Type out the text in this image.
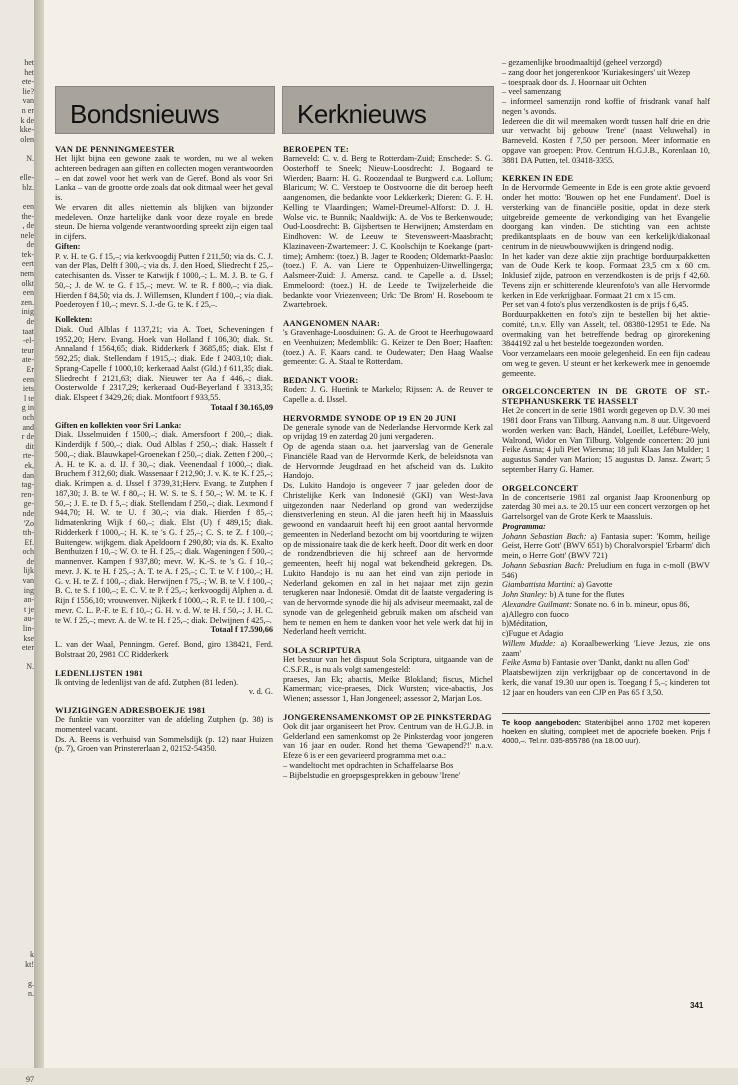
het
het
ete-
lie?
van
n er
k de
kke-
olen

N.

elle-
blz.

een
the-
, de
nele
de
tek-
eert
nem
olkt
een
zen.
inig
de
taat
-el-
teur
ate-
Er
een
iets
l te
g in
och
and
r de
dit
rte-
ek,
dan
tag-
ren-
ge-
nde
'Zo
tth-
Ef.
och
de
lijk
van
ing
an-
t je
au-
lin-
kse
eter

N.

k
kt!

g.
n.

97
Bondsnieuws	Kerknieuws
VAN DE PENNINGMEESTER

Het lijkt bijna een gewone zaak te worden, nu we al weken achtereen bedragen aan giften en collecten mogen verantwoorden – en dat zowel voor het werk van de Geref. Bond als voor Sri Lanka – van de grootte orde zoals dat ook ditmaal weer het geval is.

We ervaren dit alles niettemin als blijken van bijzonder medeleven. Onze hartelijke dank voor deze royale en brede steun. De hierna volgende verantwoording spreekt zijn eigen taal in cijfers.

Giften:

P. v. H. te G. f 15,–; via kerkvoogdij Putten f 211,50; via ds. C. J. van der Plas, Delft f 300,–; via ds. J. den Hoed, Sliedrecht f 25,–catechisanten ds. Visser te Katwijk f 1000,–; L. M. J. B. te G. f 50,–; J. de W. te G. f 15,–; mevr. W. te R. f 800,–; via diak. Hierden f 84,50; via ds. J. Willemsen, Klundert f 100,–; via diak. Poederoyen f 10,–; mevr. S. J.-de G. te K. f 25,–.

Kollekten:

Diak. Oud Alblas f 1137,21; via A. Toet, Scheveningen f 1952,20; Herv. Evang. Hoek van Holland f 106,30; diak. St. Annaland f 1564,65; diak. Ridderkerk f 3685,85; diak. Elst f 592,25; diak. Stellendam f 1915,–; diak. Ede f 2403,10; diak. Sprang-Capelle f 1000,10; kerkeraad Aalst (Gld.) f 611,35; diak. Sliedrecht f 2121,63; diak. Nieuwer ter Aa f 446,–; diak. Oosterwolde f 2317,29; kerkeraad Oud-Beyerland f 3313,35; diak. Elspeet f 3429,26; diak. Montfoort f 933,55.

Totaal f 30.165,09

Giften en kollekten voor Sri Lanka:

Diak. IJsselmuiden f 1500,–; diak. Amersfoort f 200,–; diak. Kinderdijk f 500,–; diak. Oud Alblas f 250,–; diak. Hasselt f 500,–; diak. Blauwkapel-Groenekan f 250,–; diak. Zetten f 200,–; A. H. te K. a. d. IJ. f 30,–; diak. Veenendaal f 1000,–; diak. Bruchem f 312,60; diak. Wassenaar f 212,90; J. v. K. te K. f 25,–; diak. Krimpen a. d. IJssel f 3739,31;Herv. Evang. te Zutphen f 187,30; J. B. te W. f 80,–; H. W. S. te S. f 50,–; W. M. te K. f 50,–; J. E. te D. f 5,–; diak. Stellendam f 250,–; diak. Lexmond f 944,70; H. W. te U. f 30,–; via diak. Hierden f 85,–; lidmatenkring Wijk f 60,–; diak. Elst (U) f 489,15; diak. Ridderkerk f 1000,–; H. K. te 's G. f 25,–; C. S. te Z. f 100,–; Buitengew. wijkgem. diak Apeldoorn f 290,80; via ds. K. Exalto Benthuizen f 10,–; W. O. te H. f 25,–; diak. Wageningen f 500,–; mannenver. Kampen f 937,80; mevr. W. K.-S. te 's G. f 10,–; mevr. J. K. te H. f 25,–; A. T. te A. f 25,–; C. T. te V. f 100,–; H. G. v. H. te Z. f 100,–; diak. Herwijnen f 75,–; W. B. te V. f 100,–; B. C. te S. f 100,–; E. C. V. te P. f 25,–; kerkvoogdij Alphen a. d. Rijn f 1556,10; vrouwenver. Nijkerk f 1000,–; R. F. te IJ. f 100,–; mevr. C. L. P.-F. te E. f 10,–; G. H. v. d. W. te H. f 50,–; J. H. C. te W. f 25,–; mevr. A. de W. te H. f 25,–; diak. Delwijnen f 425,–.

Totaal f 17.590,66

L. van der Waal, Penningm. Geref. Bond, giro 138421, Ferd. Bolstraat 20, 2981 CC Ridderkerk

LEDENLIJSTEN 1981

Ik ontving de ledenlijst van de afd. Zutphen (81 leden).

v. d. G.

WIJZIGINGEN ADRESBOEKJE 1981

De funktie van voorzitter van de afdeling Zutphen (p. 38) is momenteel vacant.

Ds. A. Beens is verhuisd van Sommelsdijk (p. 12) naar Huizen (p. 7), Groen van Prinstererlaan 2, 02152-54350.

BEROEPEN TE:

Barneveld: C. v. d. Berg te Rotterdam-Zuid; Enschede: S. G. Oosterhoff te Sneek; Nieuw-Loosdrecht: J. Bogaard te Wierden; Baarn: H. G. Roozendaal te Burgwerd c.a. Lollum; Blaricum; W. C. Verstoep te Oostvoorne die dit beroep heeft aangenomen, die bedankte voor Lekkerkerk; Dieren: G. F. H. Kelling te Vlaardingen; Wamel-Dreumel-Alforst: D. J. H. Wolse vic. te Bunnik; Naaldwijk: A. de Vos te Berkenwoude; Oud-Loosdrecht: B. Gijsbertsen te Herwijnen; Amsterdam en Eindhoven: W. de Leeuw te Stevensweert-Maasbracht; Klazinaveen-Zwartemeer: J. C. Koolschijn te Koekange (part-time); Arnhem: (toez.) B. Jager te Rooden; Oldemarkt-Paaslo: (toez.) F. A. van Liere te Oppenhuizen-Uitwellingerga; Aalsmeer-Zuid: J. Amersz. cand. te Capelle a. d. IJssel; Emmeloord: (toez.) H. de Leede te Twijzelerheide die bedankte voor Vriezenveen; Urk: 'De Brom' H. Roseboom te Zwartebroek.

AANGENOMEN NAAR:

's Gravenhage-Loosduinen: G. A. de Groot te Heerhugowaard en Veenhuizen; Medemblik: G. Keizer te Den Boer; Haaften: (toez.) A. F. Kaars cand. te Oudewater; Den Haag Waalse gemeente: G. A. Staal te Rotterdam.

BEDANKT VOOR:

Roden: J. G. Huetink te Markelo; Rijssen: A. de Reuver te Capelle a. d. IJssel.

HERVORMDE SYNODE OP 19 EN 20 JUNI

De generale synode van de Nederlandse Hervormde Kerk zal op vrijdag 19 en zaterdag 20 juni vergaderen.

Op de agenda staan o.a. het jaarverslag van de Generale Financiële Raad van de Hervormde Kerk, de beleidsnota van de Hervormde Jeugdraad en het afscheid van ds. Lukito Handojo.

Ds. Lukito Handojo is ongeveer 7 jaar geleden door de Christelijke Kerk van Indonesië (GKI) van West-Java uitgezonden naar Nederland op grond van wederzijdse dienstverlening en steun. Al die jaren heeft hij in Maassluis gewoond en vandaaruit heeft hij een groot aantal hervormde gemeenten in Nederland bezocht om bij voortduring te wijzen op de missionaire taak die de kerk heeft. Door dit werk en door de rondzendbrieven die hij schreef aan de hervormde gemeenten, heeft hij nogal wat bekendheid gekregen. Ds. Lukito Handojo is nu aan het eind van zijn periode in Nederland gekomen en zal in het najaar met zijn gezin terugkeren naar Indonesië. Omdat dit de laatste vergadering is van de hervormde synode die hij als adviseur meemaakt, zal de synode van de gelegenheid gebruik maken om afscheid van hem te nemen en hem te danken voor het vele werk dat hij in Nederland heeft verricht.

SOLA SCRIPTURA

Het bestuur van het dispuut Sola Scriptura, uitgaande van de C.S.F.R., is nu als volgt samengesteld:

praeses, Jan Ek; abactis, Meike Blokland; fiscus, Michel Kamerman; vice-praeses, Dick Wursten; vice-abactis, Jos Wienen; assessor 1, Han Jongeneel; assessor 2, Marjan Los.

JONGERENSAMENKOMST OP 2E PINKSTERDAG

Ook dit jaar organiseert het Prov. Centrum van de H.G.J.B. in Gelderland een samenkomst op 2e Pinksterdag voor jongeren van 16 jaar en ouder. Rond het thema 'Gewapend?!' n.a.v. Efeze 6 is er een gevarieerd programma met o.a.:

– wandeltocht met opdrachten in Schaffelaarse Bos

– Bijbelstudie en groepsgesprekken in gebouw 'Irene'

– gezamenlijke broodmaaltijd (geheel verzorgd)

– zang door het jongerenkoor 'Kuriakesingers' uit Wezep

– toespraak door ds. J. Hoornaar uit Ochten

– veel samenzang

– informeel samenzijn rond koffie of frisdrank vanaf half negen 's avonds.

Iedereen die dit wil meemaken wordt tussen half drie en drie uur verwacht bij gebouw 'Irene' (naast Veluwehal) in Barneveld. Kosten f 7,50 per persoon. Meer informatie en opgave van groepen: Prov. Centrum H.G.J.B., Korenlaan 10, 3881 DA Putten, tel. 03418-3355.

KERKEN IN EDE

In de Hervormde Gemeente in Ede is een grote aktie gevoerd onder het motto: 'Bouwen op het ene Fundament'. Doel is versterking van de financiële positie, opdat in deze sterk uitgebreide gemeente de verkondiging van het Evangelie doorgang kan vinden. De stichting van een achtste predikantsplaats en de bouw van een kerkelijk/diakonaal centrum in de nieuwbouwwijken is dringend nodig.

In het kader van deze aktie zijn prachtige borduurpakketten van de Oude Kerk te koop. Formaat 23,5 cm x 60 cm. Inklusief zijde, patroon en verzendkosten is de prijs f 42,60. Tevens zijn er schitterende kleurenfoto's van alle Hervormde kerken in Ede verkrijgbaar. Formaat 21 cm x 15 cm.

Per set van 4 foto's plus verzendkosten is de prijs f 6,45.

Borduurpakketten en foto's zijn te bestellen bij het aktie-comité, t.n.v. Elly van Asselt, tel. 08380-12951 te Ede. Na overmaking van het betreffende bedrag op girorekening 3844192 zal u het bestelde toegezonden worden.

Voor verzamelaars een mooie gelegenheid. En een fijn cadeau om weg te geven. U steunt er het kerkewerk mee in genoemde gemeente.

ORGELCONCERTEN IN DE GROTE OF ST.-STEPHANUSKERK TE HASSELT

Het 2e concert in de serie 1981 wordt gegeven op D.V. 30 mei 1981 door Frans van Tilburg. Aanvang n.m. 8 uur. Uitgevoerd worden werken van: Bach, Händel, Loeillet, Lefébure-Wely, Walrond, Widor en Van Tilburg. Volgende concerten: 20 juni Feike Asma; 4 juli Piet Wiersma; 18 juli Klaas Jan Mulder; 1 augustus Sander van Marion; 15 augustus D. Jansz. Zwart; 5 september Harry G. Hamer.

ORGELCONCERT

In de concertserie 1981 zal organist Jaap Kroonenburg op zaterdag 30 mei a.s. te 20.15 uur een concert verzorgen op het Garrelsorgel van de Grote Kerk te Maassluis.

Programma:

Johann Sebastian Bach: a) Fantasia super: 'Komm, heilige Geist, Herre Gott' (BWV 651) b) Choralvorspiel 'Erbarm' dich mein, o Herre Gott' (BWV 721)

Johann Sebastian Bach: Preludium en fuga in c-moll (BWV 546)

Giambattista Martini: a) Gavotte

John Stanley: b) A tune for the flutes

Alexandre Guilmant: Sonate no. 6 in b. mineur, opus 86,

a)Allegro con fuoco

b)Méditation,

c)Fugue et Adagio

Willem Mudde: a) Koraalbewerking 'Lieve Jezus, zie ons zaam'

Feike Asma b) Fantasie over 'Dankt, dankt nu allen God'

Plaatsbewijzen zijn verkrijgbaar op de concertavond in de kerk, die vanaf 19.30 uur open is. Toegang f 5,–; kinderen tot 12 jaar en houders van een CJP en Pas 65 f 3,50.

Te koop aangeboden: Statenbijbel anno 1702 met koperen hoeken en sluiting, compleet met de apocriefe boeken. Prijs f 4000,–. Tel.nr. 035-855786 (na 18.00 uur).
341
